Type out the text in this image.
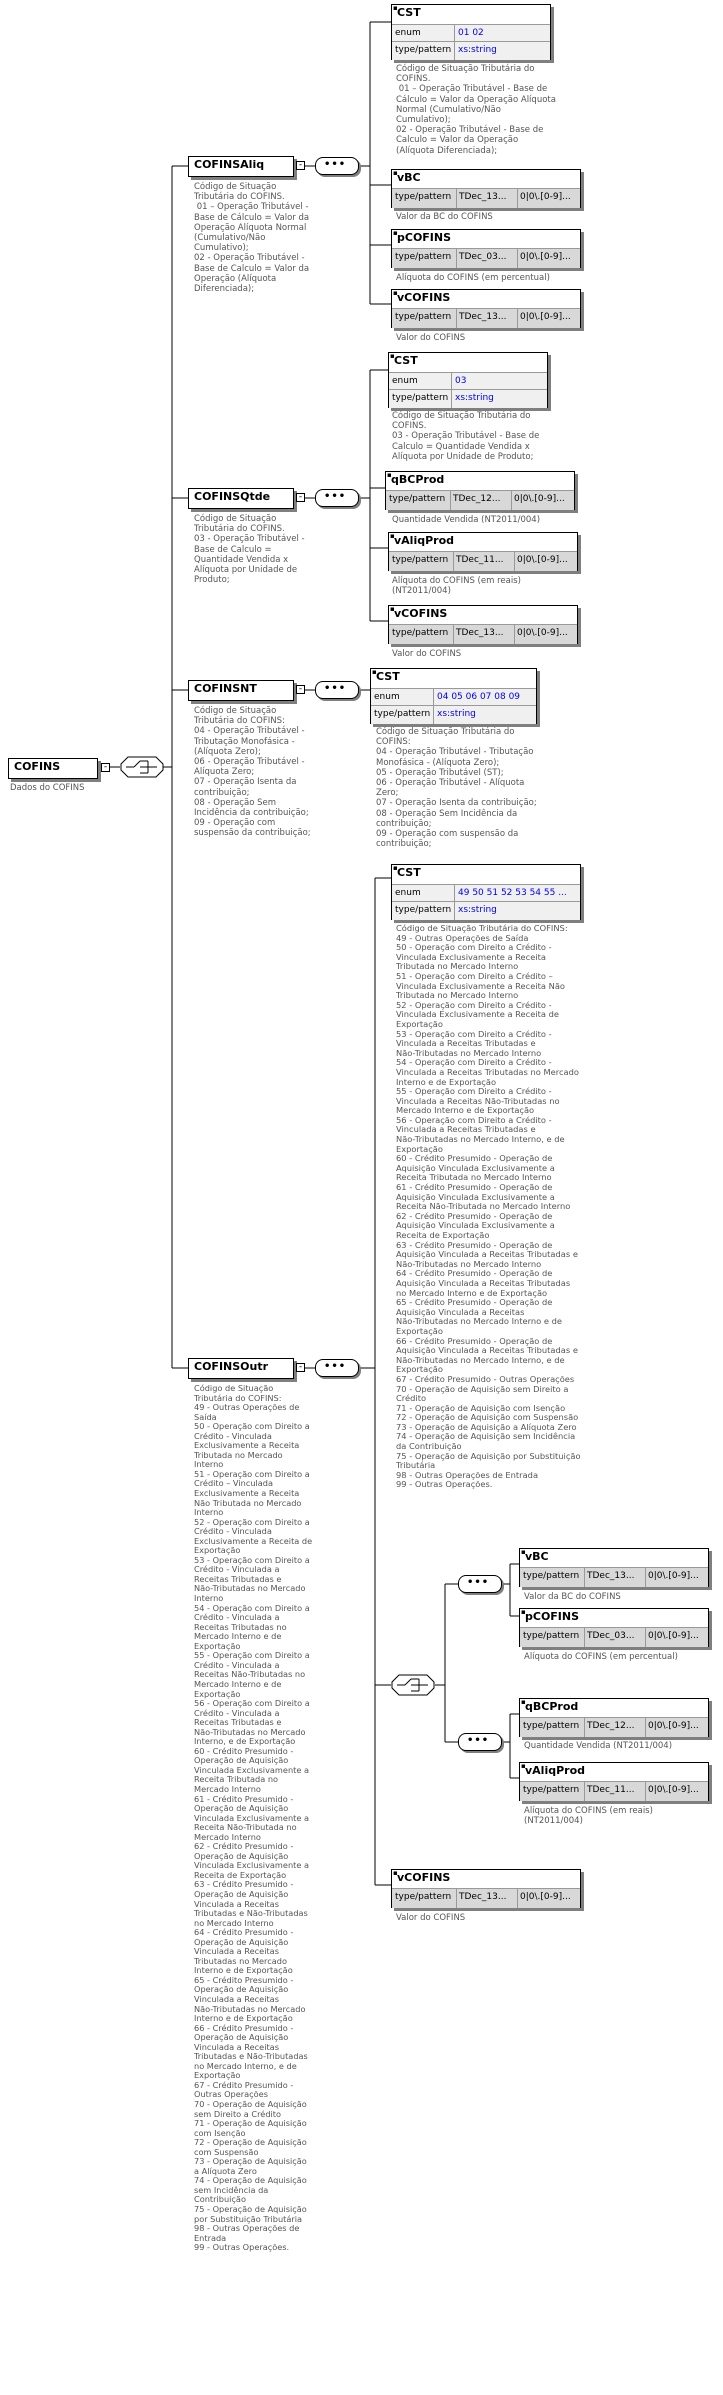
COFINS	-
Dados do COFINS
COFINSAliq	-
Código de Situação
Tributária do COFINS.
01 – Operação Tributável -
Base de Cálculo = Valor da
Operação Alíquota Normal
(Cumulativo/Não
Cumulativo);
02 - Operação Tributável -
Base de Calculo = Valor da
Operação (Alíquota
Diferenciada);
COFINSQtde	-
Código de Situação
Tributária do COFINS.
03 - Operação Tributável -
Base de Calculo =
Quantidade Vendida x
Alíquota por Unidade de
Produto;
COFINSNT	-
Código de Situação
Tributária do COFINS:
04 - Operação Tributável -
Tributação Monofásica -
(Alíquota Zero);
06 - Operação Tributável -
Alíquota Zero;
07 - Operação Isenta da
contribuição;
08 - Operação Sem
Incidência da contribuição;
09 - Operação com
suspensão da contribuição;
COFINSOutr	-
Código de Situação
Tributária do COFINS:
49 - Outras Operações de
Saída
50 - Operação com Direito a
Crédito - Vinculada
Exclusivamente a Receita
Tributada no Mercado
Interno
51 - Operação com Direito a
Crédito – Vinculada
Exclusivamente a Receita
Não Tributada no Mercado
Interno
52 - Operação com Direito a
Crédito - Vinculada
Exclusivamente a Receita de
Exportação
53 - Operação com Direito a
Crédito - Vinculada a
Receitas Tributadas e
Não-Tributadas no Mercado
Interno
54 - Operação com Direito a
Crédito - Vinculada a
Receitas Tributadas no
Mercado Interno e de
Exportação
55 - Operação com Direito a
Crédito - Vinculada a
Receitas Não-Tributadas no
Mercado Interno e de
Exportação
56 - Operação com Direito a
Crédito - Vinculada a
Receitas Tributadas e
Não-Tributadas no Mercado
Interno, e de Exportação
60 - Crédito Presumido -
Operação de Aquisição
Vinculada Exclusivamente a
Receita Tributada no
Mercado Interno
61 - Crédito Presumido -
Operação de Aquisição
Vinculada Exclusivamente a
Receita Não-Tributada no
Mercado Interno
62 - Crédito Presumido -
Operação de Aquisição
Vinculada Exclusivamente a
Receita de Exportação
63 - Crédito Presumido -
Operação de Aquisição
Vinculada a Receitas
Tributadas e Não-Tributadas
no Mercado Interno
64 - Crédito Presumido -
Operação de Aquisição
Vinculada a Receitas
Tributadas no Mercado
Interno e de Exportação
65 - Crédito Presumido -
Operação de Aquisição
Vinculada a Receitas
Não-Tributadas no Mercado
Interno e de Exportação
66 - Crédito Presumido -
Operação de Aquisição
Vinculada a Receitas
Tributadas e Não-Tributadas
no Mercado Interno, e de
Exportação
67 - Crédito Presumido -
Outras Operações
70 - Operação de Aquisição
sem Direito a Crédito
71 - Operação de Aquisição
com Isenção
72 - Operação de Aquisição
com Suspensão
73 - Operação de Aquisição
a Alíquota Zero
74 - Operação de Aquisição
sem Incidência da
Contribuição
75 - Operação de Aquisição
por Substituição Tributária
98 - Outras Operações de
Entrada
99 - Outras Operações.
•••
•••
•••
•••
▪ CST
enum	01 02
type/pattern xs:string
Código de Situação Tributária do
COFINS.
01 – Operação Tributável - Base de
Cálculo = Valor da Operação Alíquota
Normal (Cumulativo/Não
Cumulativo);
02 - Operação Tributável - Base de
Calculo = Valor da Operação
(Alíquota Diferenciada);
▪ vBC
type/pattern TDec_13...	0|0\.[0-9]...
Valor da BC do COFINS
▪ pCOFINS
type/pattern TDec_03...	0|0\.[0-9]...
Alíquota do COFINS (em percentual)
▪ vCOFINS
type/pattern TDec_13...	0|0\.[0-9]...
Valor do COFINS
▪ CST
enum	03
type/pattern xs:string
Código de Situação Tributária do
COFINS.
03 - Operação Tributável - Base de
Calculo = Quantidade Vendida x
Alíquota por Unidade de Produto;
▪ qBCProd
type/pattern TDec_12...	0|0\.[0-9]...
Quantidade Vendida (NT2011/004)
▪ vAliqProd
type/pattern TDec_11...	0|0\.[0-9]...
Alíquota do COFINS (em reais)
(NT2011/004)
▪ vCOFINS
type/pattern TDec_13...	0|0\.[0-9]...
Valor do COFINS
▪ CST
enum	04 05 06 07 08 09
type/pattern xs:string
Código de Situação Tributária do
COFINS:
04 - Operação Tributável - Tributação
Monofásica - (Alíquota Zero);
05 - Operação Tributável (ST);
06 - Operação Tributável - Alíquota
Zero;
07 - Operação Isenta da contribuição;
08 - Operação Sem Incidência da
contribuição;
09 - Operação com suspensão da
contribuição;
▪ CST
enum	49 50 51 52 53 54 55 ...
type/pattern xs:string
Código de Situação Tributária do COFINS:
49 - Outras Operações de Saída
50 - Operação com Direito a Crédito -
Vinculada Exclusivamente a Receita
Tributada no Mercado Interno
51 - Operação com Direito a Crédito –
Vinculada Exclusivamente a Receita Não
Tributada no Mercado Interno
52 - Operação com Direito a Crédito -
Vinculada Exclusivamente a Receita de
Exportação
53 - Operação com Direito a Crédito -
Vinculada a Receitas Tributadas e
Não-Tributadas no Mercado Interno
54 - Operação com Direito a Crédito -
Vinculada a Receitas Tributadas no Mercado
Interno e de Exportação
55 - Operação com Direito a Crédito -
Vinculada a Receitas Não-Tributadas no
Mercado Interno e de Exportação
56 - Operação com Direito a Crédito -
Vinculada a Receitas Tributadas e
Não-Tributadas no Mercado Interno, e de
Exportação
60 - Crédito Presumido - Operação de
Aquisição Vinculada Exclusivamente a
Receita Tributada no Mercado Interno
61 - Crédito Presumido - Operação de
Aquisição Vinculada Exclusivamente a
Receita Não-Tributada no Mercado Interno
62 - Crédito Presumido - Operação de
Aquisição Vinculada Exclusivamente a
Receita de Exportação
63 - Crédito Presumido - Operação de
Aquisição Vinculada a Receitas Tributadas e
Não-Tributadas no Mercado Interno
64 - Crédito Presumido - Operação de
Aquisição Vinculada a Receitas Tributadas
no Mercado Interno e de Exportação
65 - Crédito Presumido - Operação de
Aquisição Vinculada a Receitas
Não-Tributadas no Mercado Interno e de
Exportação
66 - Crédito Presumido - Operação de
Aquisição Vinculada a Receitas Tributadas e
Não-Tributadas no Mercado Interno, e de
Exportação
67 - Crédito Presumido - Outras Operações
70 - Operação de Aquisição sem Direito a
Crédito
71 - Operação de Aquisição com Isenção
72 - Operação de Aquisição com Suspensão
73 - Operação de Aquisição a Alíquota Zero
74 - Operação de Aquisição sem Incidência
da Contribuição
75 - Operação de Aquisição por Substituição
Tributária
98 - Outras Operações de Entrada
99 - Outras Operações.
•••
•••
▪ vBC
type/pattern TDec_13...	0|0\.[0-9]...
Valor da BC do COFINS
▪ pCOFINS
type/pattern TDec_03...	0|0\.[0-9]...
Alíquota do COFINS (em percentual)
▪ qBCProd
type/pattern TDec_12...	0|0\.[0-9]...
Quantidade Vendida (NT2011/004)
▪ vAliqProd
type/pattern TDec_11...	0|0\.[0-9]...
Alíquota do COFINS (em reais)
(NT2011/004)
▪ vCOFINS
type/pattern TDec_13...	0|0\.[0-9]...
Valor do COFINS
